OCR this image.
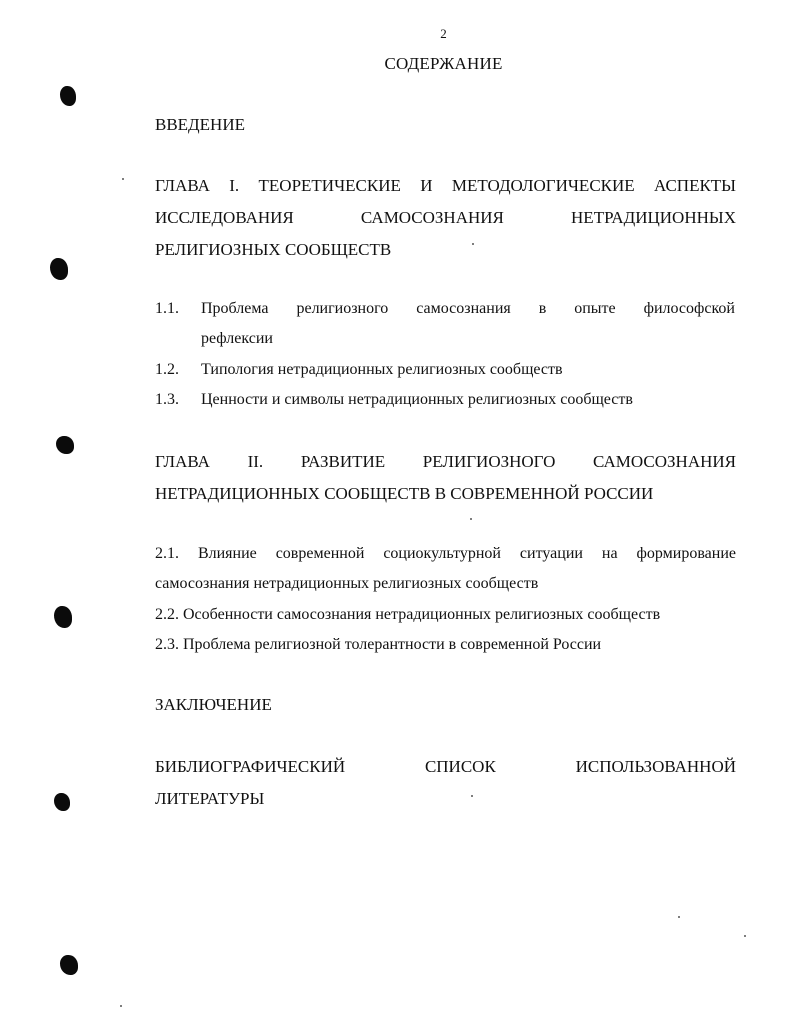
2
СОДЕРЖАНИЕ
ВВЕДЕНИЕ
ГЛАВА I. ТЕОРЕТИЧЕСКИЕ И МЕТОДОЛОГИЧЕСКИЕ АСПЕКТЫ
ИССЛЕДОВАНИЯ САМОСОЗНАНИЯ НЕТРАДИЦИОННЫХ
РЕЛИГИОЗНЫХ СООБЩЕСТВ
1.1. Проблема религиозного самосознания в опыте философской
рефлексии
1.2. Типология нетрадиционных религиозных сообществ
1.3. Ценности и символы нетрадиционных религиозных сообществ
ГЛАВА II. РАЗВИТИЕ РЕЛИГИОЗНОГО САМОСОЗНАНИЯ
НЕТРАДИЦИОННЫХ СООБЩЕСТВ В СОВРЕМЕННОЙ РОССИИ
2.1. Влияние современной социокультурной ситуации на формирование
самосознания нетрадиционных религиозных сообществ
2.2. Особенности самосознания нетрадиционных религиозных сообществ
2.3. Проблема религиозной толерантности в современной России
ЗАКЛЮЧЕНИЕ
БИБЛИОГРАФИЧЕСКИЙ СПИСОК ИСПОЛЬЗОВАННОЙ
ЛИТЕРАТУРЫ
